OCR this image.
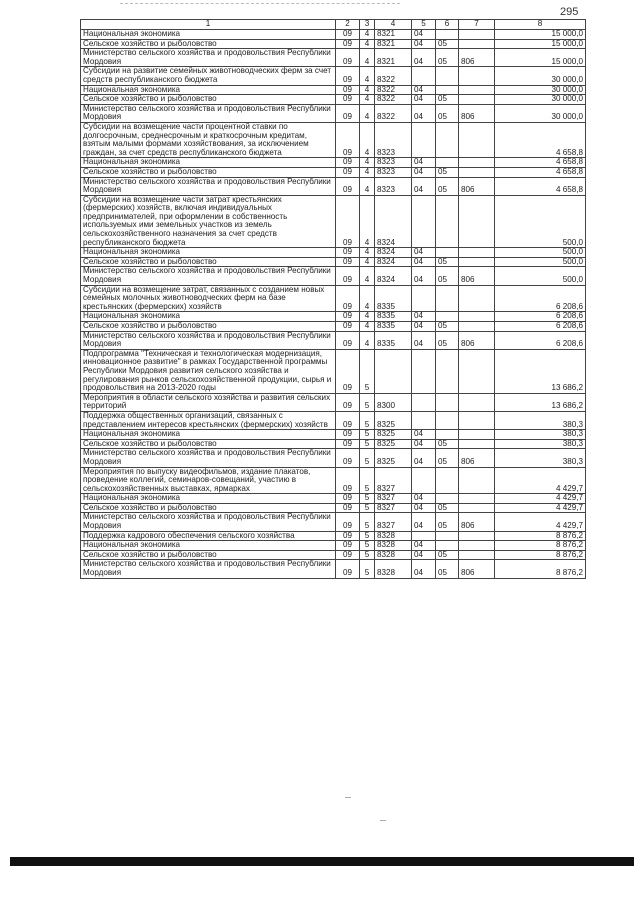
295
1	2	3	4	5	6	7	8
Национальная экономика	09	4	8321	04			15 000,0
Сельское хозяйство и рыболовство	09	4	8321	04	05		15 000,0
Министерство сельского хозяйства и продовольствия Республики Мордовия	09	4	8321	04	05	806	15 000,0
Субсидии на развитие семейных животноводческих ферм за счет средств республиканского бюджета	09	4	8322				30 000,0
Национальная экономика	09	4	8322	04			30 000,0
Сельское хозяйство и рыболовство	09	4	8322	04	05		30 000,0
Министерство сельского хозяйства и продовольствия Республики Мордовия	09	4	8322	04	05	806	30 000,0
Субсидии на возмещение части процентной ставки по долгосрочным, среднесрочным и краткосрочным кредитам, взятым малыми формами хозяйствования, за исключением граждан, за счет средств республиканского бюджета	09	4	8323				4 658,8
Национальная экономика	09	4	8323	04			4 658,8
Сельское хозяйство и рыболовство	09	4	8323	04	05		4 658,8
Министерство сельского хозяйства и продовольствия Республики Мордовия	09	4	8323	04	05	806	4 658,8
Субсидии на возмещение части затрат крестьянских (фермерских) хозяйств, включая индивидуальных предпринимателей, при оформлении в собственность используемых ими земельных участков из земель сельскохозяйственного назначения за счет средств республиканского бюджета	09	4	8324				500,0
Национальная экономика	09	4	8324	04			500,0
Сельское хозяйство и рыболовство	09	4	8324	04	05		500,0
Министерство сельского хозяйства и продовольствия Республики Мордовия	09	4	8324	04	05	806	500,0
Субсидии на возмещение затрат, связанных с созданием новых семейных молочных животноводческих ферм на базе крестьянских (фермерских) хозяйств	09	4	8335				6 208,6
Национальная экономика	09	4	8335	04			6 208,6
Сельское хозяйство и рыболовство	09	4	8335	04	05		6 208,6
Министерство сельского хозяйства и продовольствия Республики Мордовия	09	4	8335	04	05	806	6 208,6
Подпрограмма "Техническая и технологическая модернизация, инновационное развитие" в рамках Государственной программы Республики Мордовия развития сельского хозяйства и регулирования рынков сельскохозяйственной продукции, сырья и продовольствия на 2013-2020 годы	09	5					13 686,2
Мероприятия в области сельского хозяйства и развития сельских территорий	09	5	8300				13 686,2
Поддержка общественных организаций, связанных с представлением интересов крестьянских (фермерских) хозяйств	09	5	8325				380,3
Национальная экономика	09	5	8325	04			380,3
Сельское хозяйство и рыболовство	09	5	8325	04	05		380,3
Министерство сельского хозяйства и продовольствия Республики Мордовия	09	5	8325	04	05	806	380,3
Мероприятия по выпуску видеофильмов, издание плакатов, проведение коллегий, семинаров-совещаний, участию в сельскохозяйственных выставках, ярмарках	09	5	8327				4 429,7
Национальная экономика	09	5	8327	04			4 429,7
Сельское хозяйство и рыболовство	09	5	8327	04	05		4 429,7
Министерство сельского хозяйства и продовольствия Республики Мордовия	09	5	8327	04	05	806	4 429,7
Поддержка кадрового обеспечения сельского хозяйства	09	5	8328				8 876,2
Национальная экономика	09	5	8328	04			8 876,2
Сельское хозяйство и рыболовство	09	5	8328	04	05		8 876,2
Министерство сельского хозяйства и продовольствия Республики Мордовия	09	5	8328	04	05	806	8 876,2
